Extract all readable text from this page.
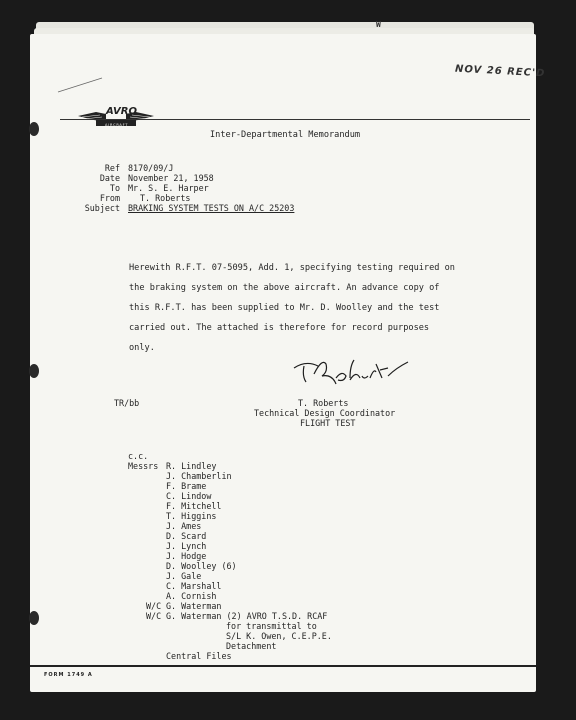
W
NOV 26 REC'D
AVRO
AIRCRAFT
Inter-Departmental Memorandum
Ref 8170/09/J
Date November 21, 1958
To Mr. S. E. Harper
From T. Roberts
Subject BRAKING SYSTEM TESTS ON A/C 25203
Herewith R.F.T. 07-5095, Add. 1, specifying testing required on
the braking system on the above aircraft. An advance copy of
this R.F.T. has been supplied to Mr. D. Woolley and the test
carried out. The attached is therefore for record purposes
only.
TR/bb	T. Roberts
Technical Design Coordinator
FLIGHT TEST
c.c.
Messrs R. Lindley
J. Chamberlin
F. Brame
C. Lindow
F. Mitchell
T. Higgins
J. Ames
D. Scard
J. Lynch
J. Hodge
D. Woolley (6)
J. Gale
C. Marshall
A. Cornish
W/C G. Waterman
W/C G. Waterman (2) AVRO T.S.D. RCAF
for transmittal to
S/L K. Owen, C.E.P.E.
Detachment
Central Files
FORM 1749 A
